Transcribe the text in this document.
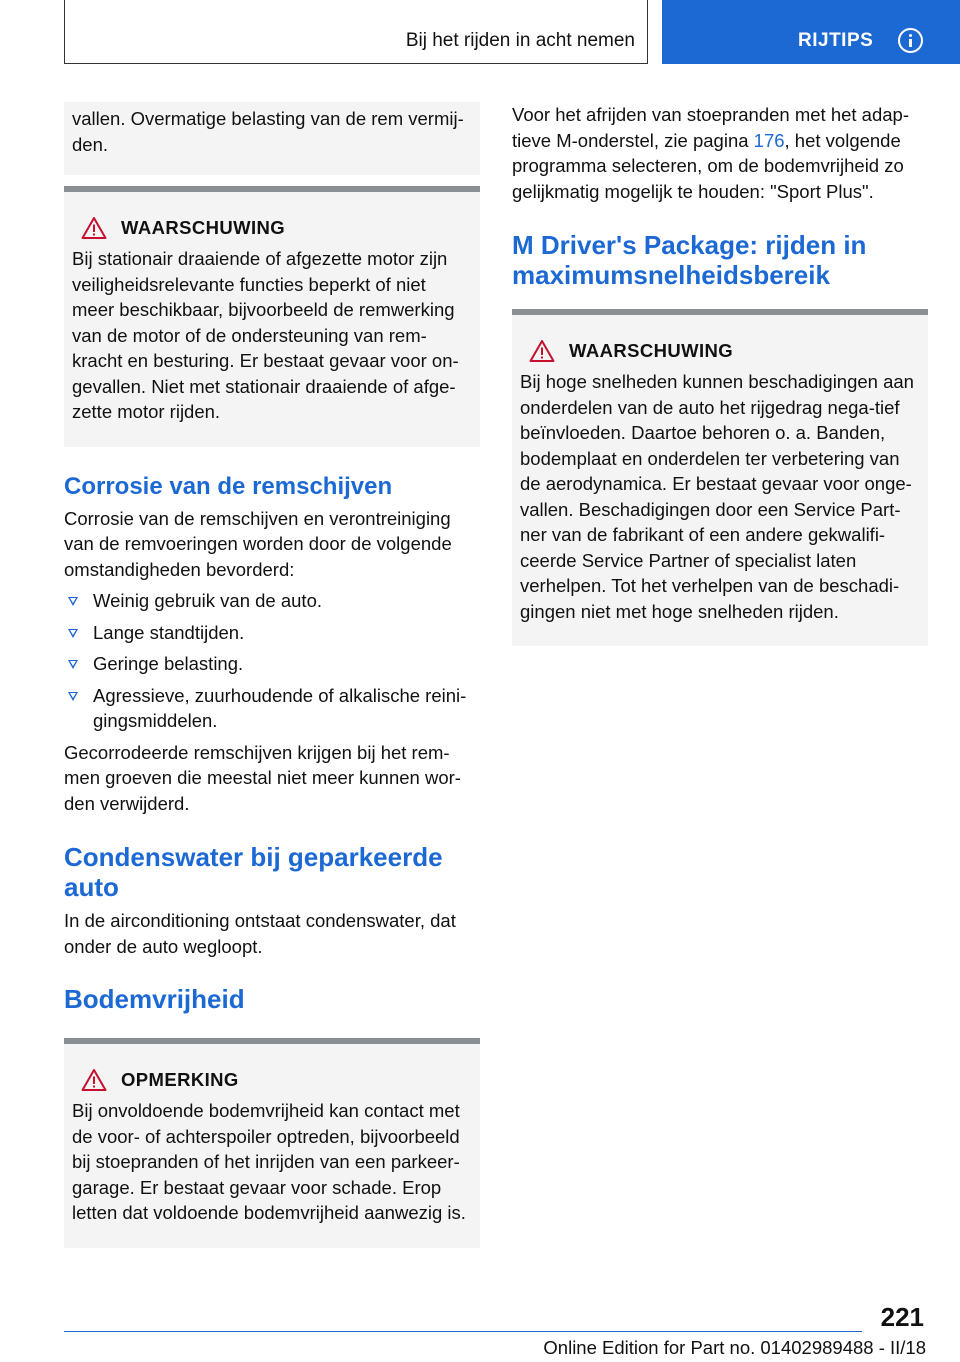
Bij het rijden in acht nemen	RIJTIPS

vallen. Overmatige belasting van de rem vermij‐den.

WAARSCHUWING

Bij stationair draaiende of afgezette motor zijn veiligheidsrelevante functies beperkt of niet meer beschikbaar, bijvoorbeeld de remwerking van de motor of de ondersteuning van rem‐kracht en besturing. Er bestaat gevaar voor on‐gevallen. Niet met stationair draaiende of afge‐zette motor rijden.

Corrosie van de remschijven

Corrosie van de remschijven en verontreiniging van de remvoeringen worden door de volgende omstandigheden bevorderd:

Weinig gebruik van de auto.
Lange standtijden.
Geringe belasting.
Agressieve, zuurhoudende of alkalische reini‐gingsmiddelen.

Gecorrodeerde remschijven krijgen bij het rem‐men groeven die meestal niet meer kunnen wor‐den verwijderd.

Condenswater bij geparkeerde auto

In de airconditioning ontstaat condenswater, dat onder de auto wegloopt.

Bodemvrijheid
OPMERKING

Bij onvoldoende bodemvrijheid kan contact met de voor- of achterspoiler optreden, bijvoorbeeld bij stoepranden of het inrijden van een parkeer‐garage. Er bestaat gevaar voor schade. Erop letten dat voldoende bodemvrijheid aanwezig is.

Voor het afrijden van stoepranden met het adap‐tieve M-onderstel, zie pagina 176, het volgende programma selecteren, om de bodemvrijheid zo gelijkmatig mogelijk te houden: "Sport Plus".

M Driver's Package: rijden in maximumsnelheidsbereik
WAARSCHUWING

Bij hoge snelheden kunnen beschadigingen aan onderdelen van de auto het rijgedrag nega‐tief beïnvloeden. Daartoe behoren o. a. Banden, bodemplaat en onderdelen ter verbetering van de aerodynamica. Er bestaat gevaar voor onge‐vallen. Beschadigingen door een Service Part‐ner van de fabrikant of een andere gekwalifi‐ceerde Service Partner of specialist laten verhelpen. Tot het verhelpen van de beschadi‐gingen niet met hoge snelheden rijden.

221
Online Edition for Part no. 01402989488 - II/18
